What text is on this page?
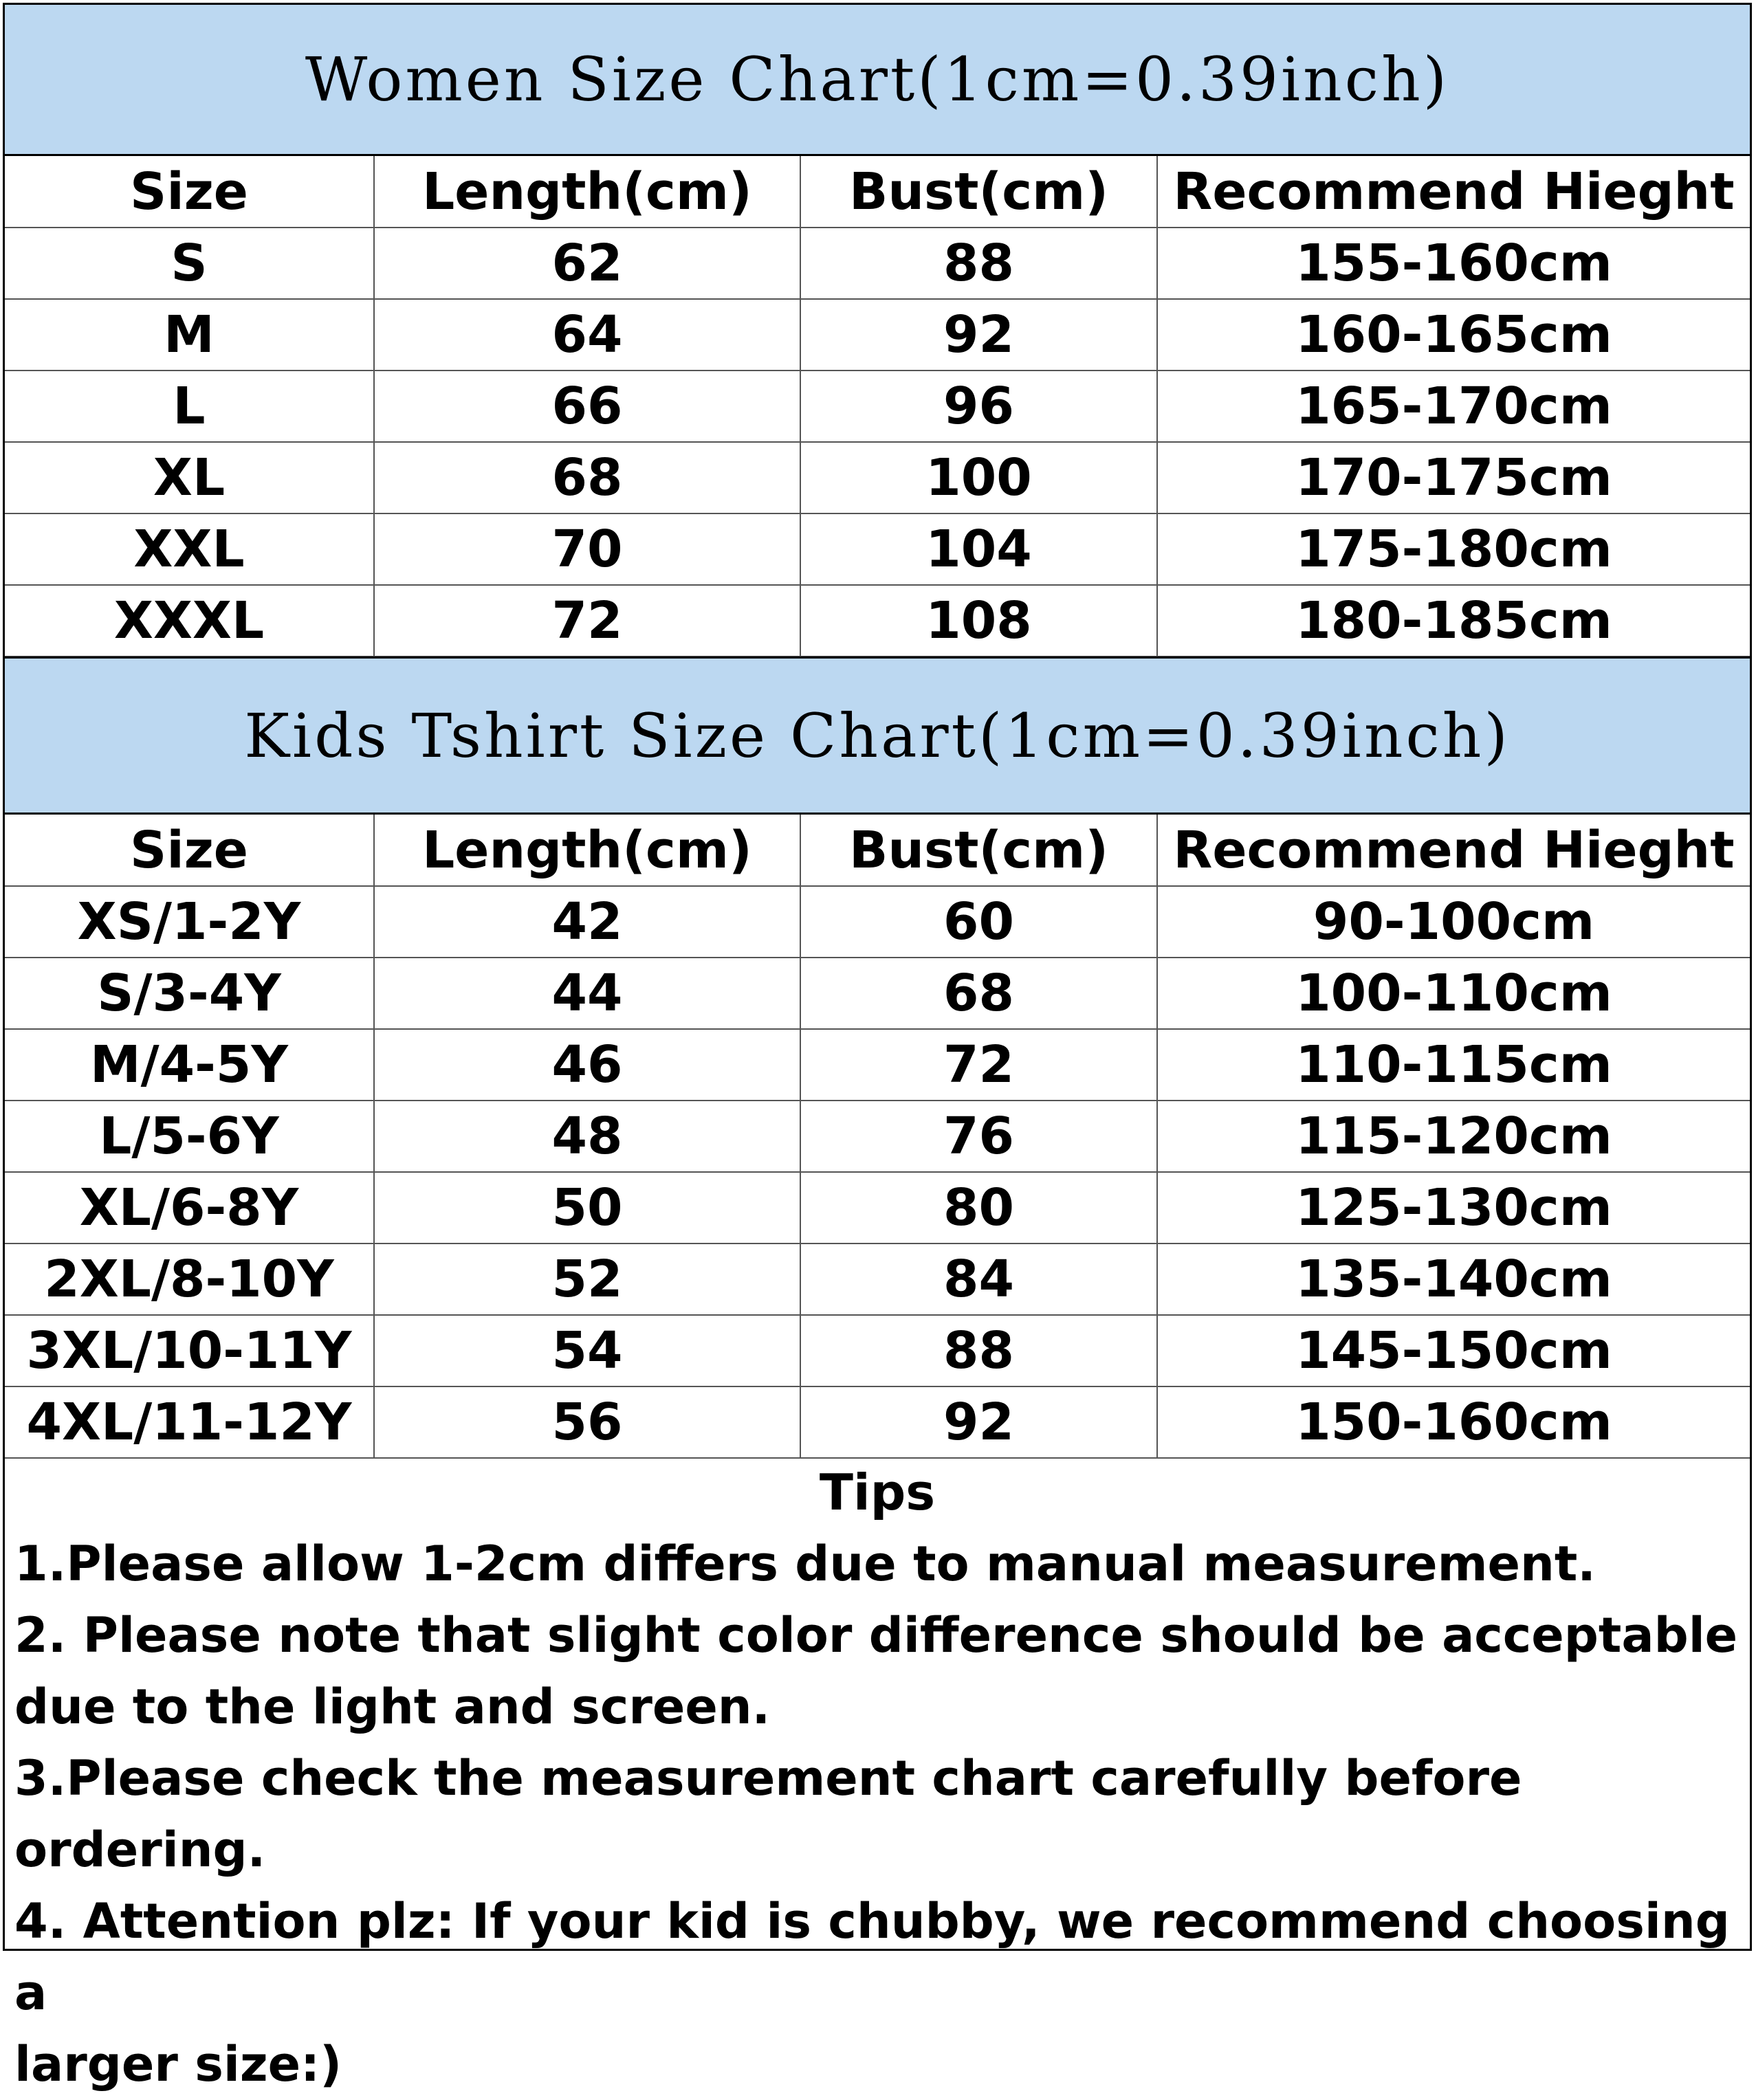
Women Size Chart(1cm=0.39inch)
Size	Length(cm)	Bust(cm)	Recommend Hieght
S	62	88	155-160cm
M	64	92	160-165cm
L	66	96	165-170cm
XL	68	100	170-175cm
XXL	70	104	175-180cm
XXXL	72	108	180-185cm
Kids Tshirt Size Chart(1cm=0.39inch)
Size	Length(cm)	Bust(cm)	Recommend Hieght
XS/1-2Y	42	60	90-100cm
S/3-4Y	44	68	100-110cm
M/4-5Y	46	72	110-115cm
L/5-6Y	48	76	115-120cm
XL/6-8Y	50	80	125-130cm
2XL/8-10Y	52	84	135-140cm
3XL/10-11Y	54	88	145-150cm
4XL/11-12Y	56	92	150-160cm

Tips
1.Please allow 1-2cm differs due to manual measurement.
2. Please note that slight color difference should be acceptable
due to the light and screen.
3.Please check the measurement chart carefully before ordering.
4. Attention plz: If your kid is chubby, we recommend choosing a
larger size:)
